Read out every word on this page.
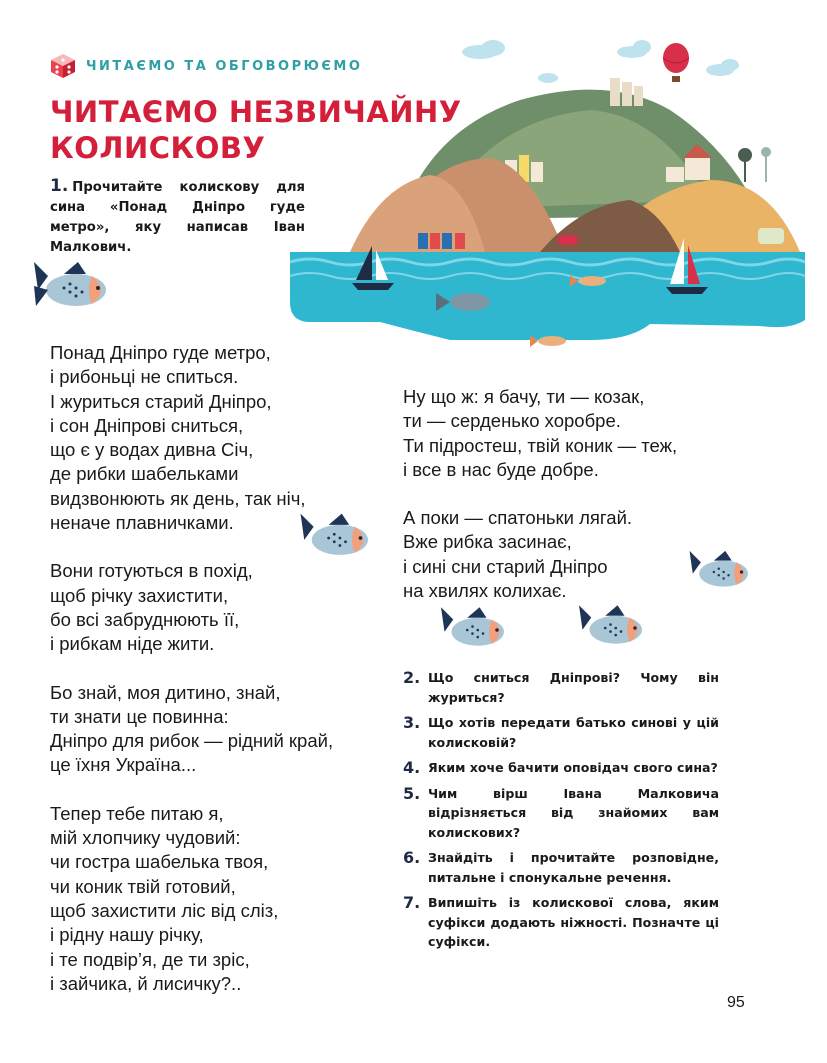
ЧИТАЄМО ТА ОБГОВОРЮЄМО
ЧИТАЄМО НЕЗВИЧАЙНУ
КОЛИСКОВУ
1. Прочитайте колискову для сина «Понад Дніпро гуде метро», яку написав Іван Малкович.
Понад Дніпро гуде метро,
і рибоньці не спиться.
І журиться старий Дніпро,
і сон Дніпрові сниться,
що є у водах дивна Січ,
де рибки шабельками
видзвонюють як день, так ніч,
неначе плавничками.
Вони готуються в похід,
щоб річку захистити,
бо всі забруднюють її,
і рибкам ніде жити.
Бо знай, моя дитино, знай,
ти знати це повинна:
Дніпро для рибок — рідний край,
це їхня Україна...
Тепер тебе питаю я,
мій хлопчику чудовий:
чи гостра шабелька твоя,
чи коник твій готовий,
щоб захистити ліс від сліз,
і рідну нашу річку,
і те подвір’я, де ти зріс,
і зайчика, й лисичку?..
Ну що ж: я бачу, ти — козак,
ти — серденько хоробре.
Ти підростеш, твій коник — теж,
і все в нас буде добре.
А поки — спатоньки лягай.
Вже рибка засинає,
і сині сни старий Дніпро
на хвилях колихає.
2. Що сниться Дніпрові? Чому він журиться?
3. Що хотів передати батько синові у цій колисковій?
4. Яким хоче бачити оповідач свого сина?
5. Чим вірш Івана Малковича відрізняється від знайомих вам колискових?
6. Знайдіть і прочитайте розповідне, питальне і спонукальне речення.
7. Випишіть із колискової слова, яким суфікси додають ніжності. Позначте ці суфікси.
95
